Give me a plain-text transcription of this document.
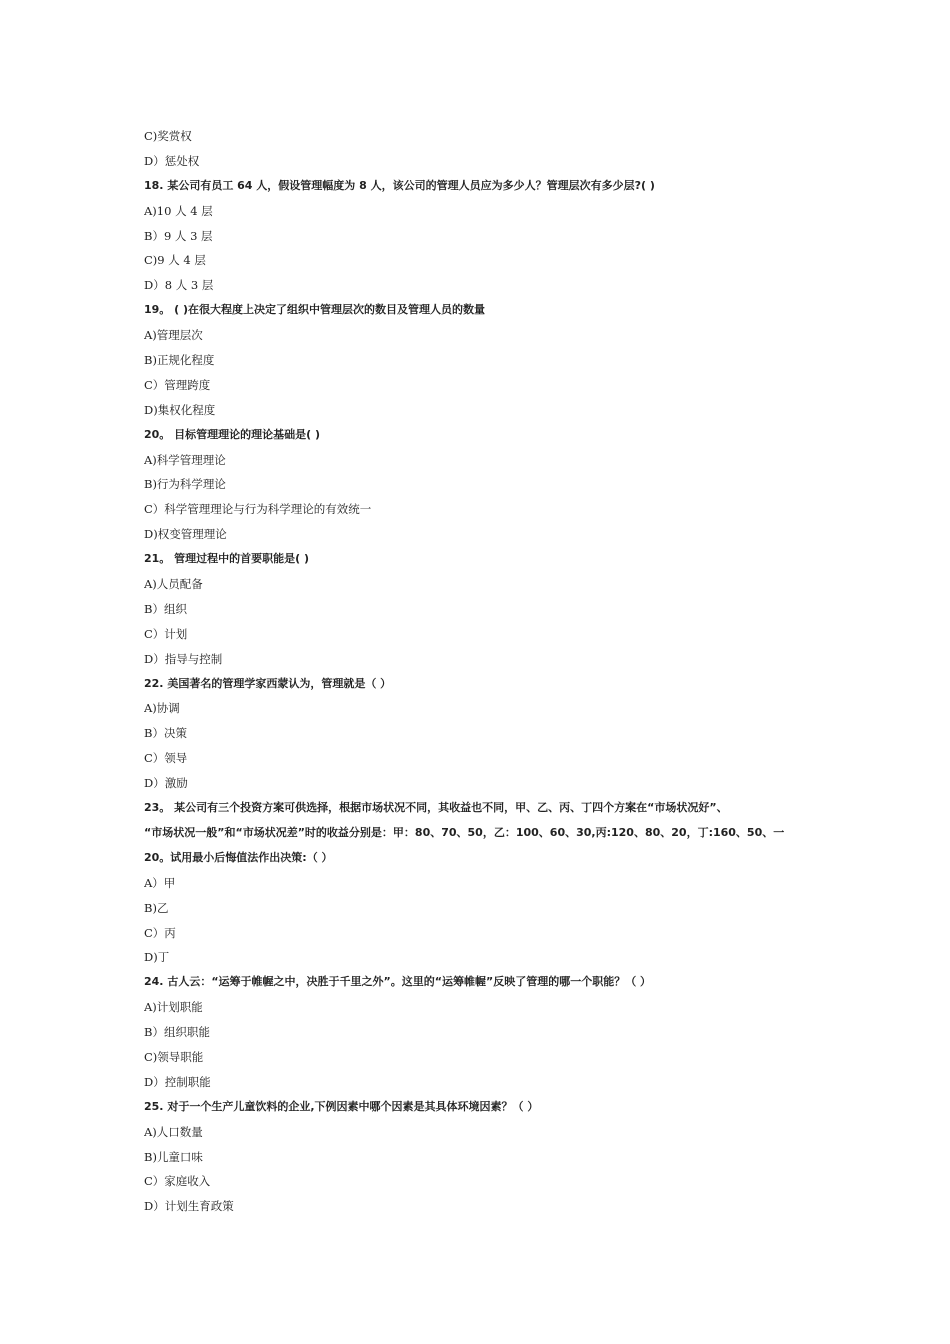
C)奖赏权
D）惩处权
18. 某公司有员工 64 人，假设管理幅度为 8 人，该公司的管理人员应为多少人？管理层次有多少层?( )
A)10 人 4 层
B）9 人 3 层
C)9 人 4 层
D）8 人 3 层
19。 ( )在很大程度上决定了组织中管理层次的数目及管理人员的数量
A)管理层次
B)正规化程度
C）管理跨度
D)集权化程度
20。 目标管理理论的理论基础是( )
A)科学管理理论
B)行为科学理论
C）科学管理理论与行为科学理论的有效统一
D)权变管理理论
21。 管理过程中的首要职能是( )
A)人员配备
B）组织
C）计划
D）指导与控制
22. 美国著名的管理学家西蒙认为，管理就是（ ）
A)协调
B）决策
C）领导
D）激励
23。 某公司有三个投资方案可供选择，根据市场状况不同，其收益也不同，甲、乙、丙、丁四个方案在“市场状况好”、
“市场状况一般”和“市场状况差”时的收益分别是：甲：80、70、50，乙：100、60、30,丙:120、80、20，丁:160、50、一
20。试用最小后悔值法作出决策:（ ）
A）甲
B)乙
C）丙
D)丁
24. 古人云：“运筹于帷幄之中，决胜于千里之外”。这里的“运筹帷幄”反映了管理的哪一个职能？（ ）
A)计划职能
B）组织职能
C)领导职能
D）控制职能
25. 对于一个生产儿童饮料的企业,下例因素中哪个因素是其具体环境因素？（ ）
A)人口数量
B)儿童口味
C）家庭收入
D）计划生育政策
